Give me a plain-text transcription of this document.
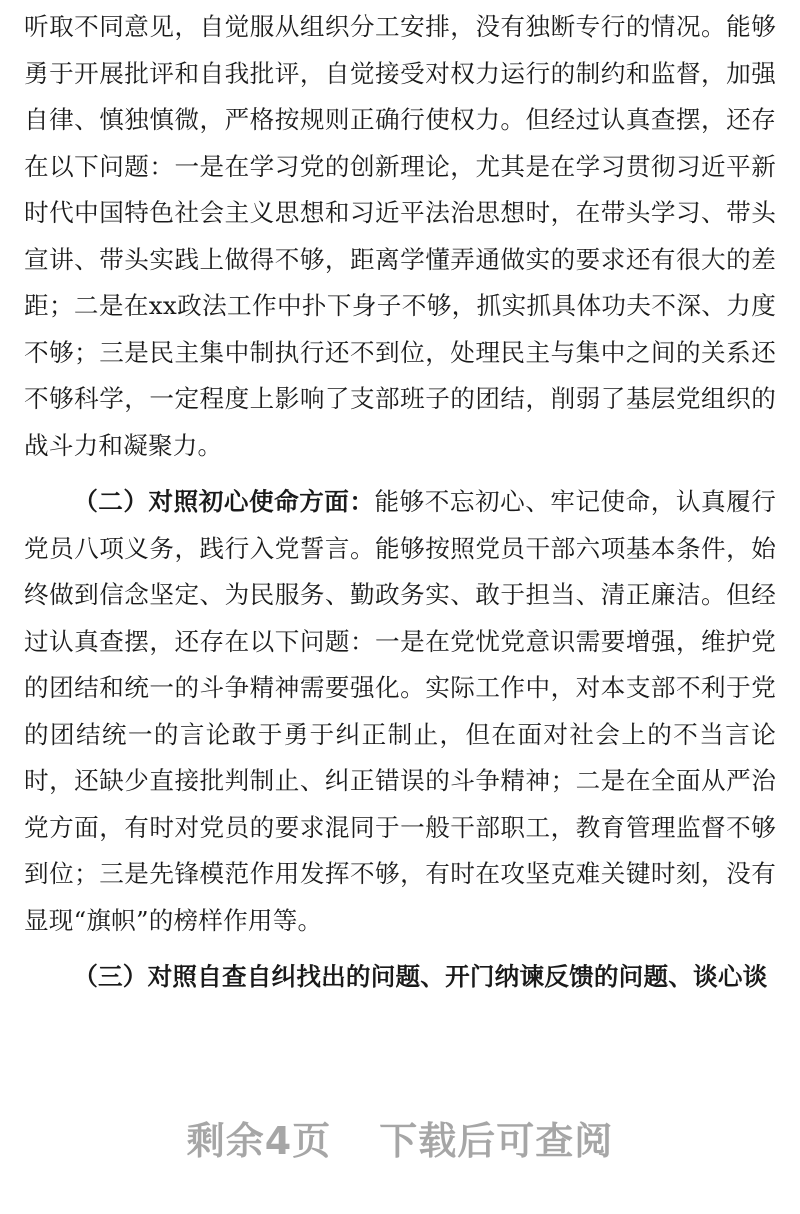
听取不同意见，自觉服从组织分工安排，没有独断专行的情况。能够勇于开展批评和自我批评，自觉接受对权力运行的制约和监督，加强自律、慎独慎微，严格按规则正确行使权力。但经过认真查摆，还存在以下问题：一是在学习党的创新理论，尤其是在学习贯彻习近平新时代中国特色社会主义思想和习近平法治思想时，在带头学习、带头宣讲、带头实践上做得不够，距离学懂弄通做实的要求还有很大的差距；二是在xx政法工作中扑下身子不够，抓实抓具体功夫不深、力度不够；三是民主集中制执行还不到位，处理民主与集中之间的关系还不够科学，一定程度上影响了支部班子的团结，削弱了基层党组织的战斗力和凝聚力。

（二）对照初心使命方面：能够不忘初心、牢记使命，认真履行党员八项义务，践行入党誓言。能够按照党员干部六项基本条件，始终做到信念坚定、为民服务、勤政务实、敢于担当、清正廉洁。但经过认真查摆，还存在以下问题：一是在党忧党意识需要增强，维护党的团结和统一的斗争精神需要强化。实际工作中，对本支部不利于党的团结统一的言论敢于勇于纠正制止，但在面对社会上的不当言论时，还缺少直接批判制止、纠正错误的斗争精神；二是在全面从严治党方面，有时对党员的要求混同于一般干部职工，教育管理监督不够到位；三是先锋模范作用发挥不够，有时在攻坚克难关键时刻，没有显现“旗帜”的榜样作用等。

（三）对照自查自纠找出的问题、开门纳谏反馈的问题、谈心谈

剩余4页 下载后可查阅
